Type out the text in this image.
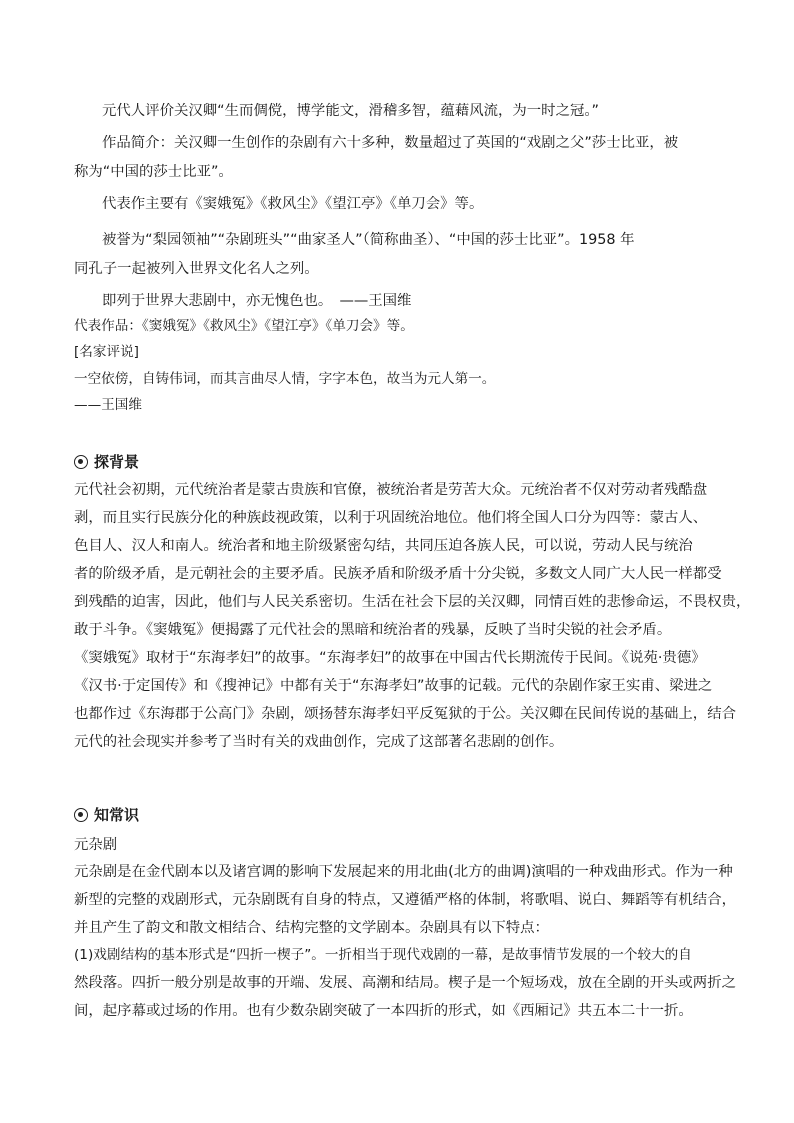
元代人评价关汉卿“生而倜傥，博学能文，滑稽多智，蕴藉风流，为一时之冠。”
作品简介：关汉卿一生创作的杂剧有六十多种，数量超过了英国的“戏剧之父”莎士比亚，被
称为“中国的莎士比亚”。
代表作主要有《窦娥冤》《救风尘》《望江亭》《单刀会》等。
被誉为“梨园领袖”“杂剧班头”“曲家圣人”（简称曲圣）、“中国的莎士比亚”。1958 年
同孔子一起被列入世界文化名人之列。
即列于世界大悲剧中，亦无愧色也。　——王国维
代表作品：《窦娥冤》《救风尘》《望江亭》《单刀会》等。
[名家评说]
一空依傍，自铸伟词，而其言曲尽人情，字字本色，故当为元人第一。
——王国维
探背景
元代社会初期，元代统治者是蒙古贵族和官僚，被统治者是劳苦大众。元统治者不仅对劳动者残酷盘
剥，而且实行民族分化的种族歧视政策，以利于巩固统治地位。他们将全国人口分为四等：蒙古人、
色目人、汉人和南人。统治者和地主阶级紧密勾结，共同压迫各族人民，可以说，劳动人民与统治
者的阶级矛盾，是元朝社会的主要矛盾。民族矛盾和阶级矛盾十分尖锐，多数文人同广大人民一样都受
到残酷的迫害，因此，他们与人民关系密切。生活在社会下层的关汉卿，同情百姓的悲惨命运，不畏权贵，
敢于斗争。《窦娥冤》便揭露了元代社会的黑暗和统治者的残暴，反映了当时尖锐的社会矛盾。
《窦娥冤》取材于“东海孝妇”的故事。“东海孝妇”的故事在中国古代长期流传于民间。《说苑·贵德》
《汉书·于定国传》和《搜神记》中都有关于“东海孝妇”故事的记载。元代的杂剧作家王实甫、梁进之
也都作过《东海郡于公高门》杂剧，颂扬替东海孝妇平反冤狱的于公。关汉卿在民间传说的基础上，结合
元代的社会现实并参考了当时有关的戏曲创作，完成了这部著名悲剧的创作。
知常识
元杂剧
元杂剧是在金代剧本以及诸宫调的影响下发展起来的用北曲(北方的曲调)演唱的一种戏曲形式。作为一种
新型的完整的戏剧形式，元杂剧既有自身的特点，又遵循严格的体制，将歌唱、说白、舞蹈等有机结合，
并且产生了韵文和散文相结合、结构完整的文学剧本。杂剧具有以下特点：
(1)戏剧结构的基本形式是“四折一楔子”。一折相当于现代戏剧的一幕，是故事情节发展的一个较大的自
然段落。四折一般分别是故事的开端、发展、高潮和结局。楔子是一个短场戏，放在全剧的开头或两折之
间，起序幕或过场的作用。也有少数杂剧突破了一本四折的形式，如《西厢记》共五本二十一折。
